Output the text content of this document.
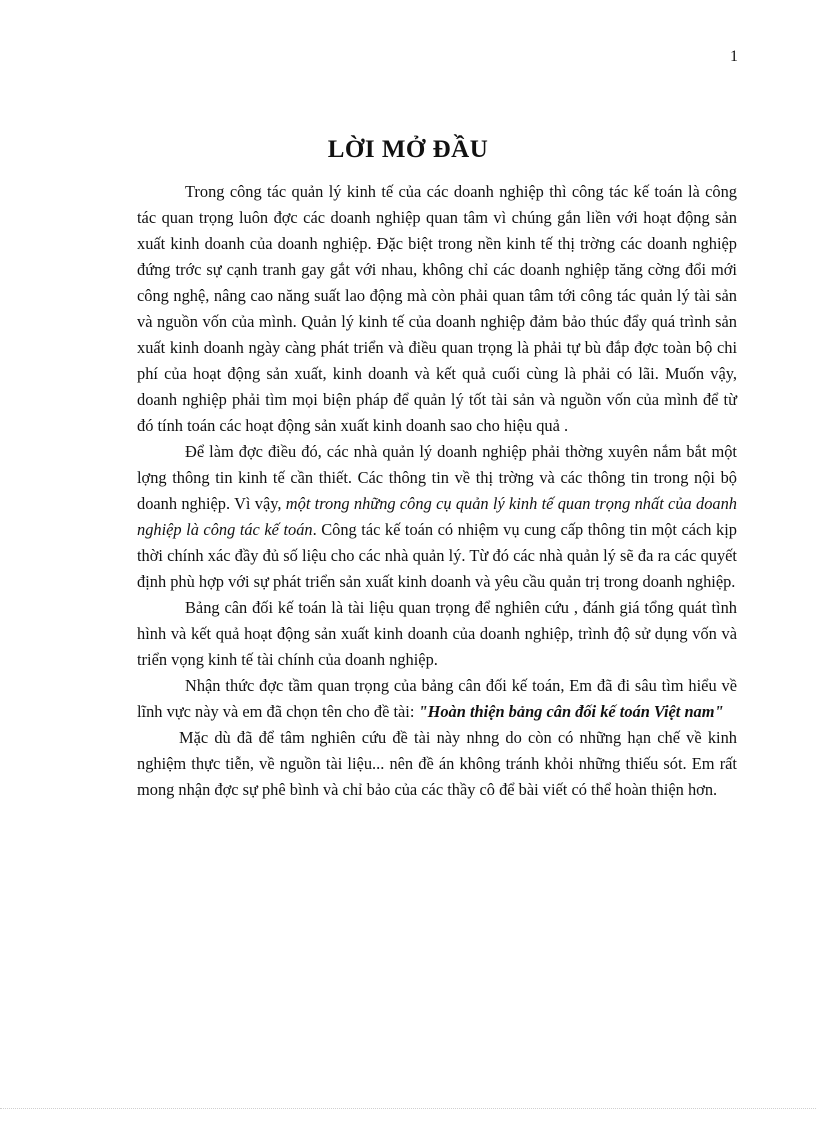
1
LỜI MỞ ĐẦU

Trong công tác quản lý kinh tế của các doanh nghiệp thì công tác kế toán là công tác quan trọng luôn đợc các doanh nghiệp quan tâm vì chúng gắn liền với hoạt động sản xuất kinh doanh của doanh nghiệp. Đặc biệt trong nền kinh tế thị trờng các doanh nghiệp đứng trớc sự cạnh tranh gay gắt với nhau, không chỉ các doanh nghiệp tăng cờng đổi mới công nghệ, nâng cao năng suất lao động mà còn phải quan tâm tới công tác quản lý tài sản và nguồn vốn của mình. Quản lý kinh tế của doanh nghiệp đảm bảo thúc đẩy quá trình sản xuất kinh doanh ngày càng phát triển và điều quan trọng là phải tự bù đắp đợc toàn bộ chi phí của hoạt động sản xuất, kinh doanh và kết quả cuối cùng là phải có lãi. Muốn vậy, doanh nghiệp phải tìm mọi biện pháp để quản lý tốt tài sản và nguồn vốn của mình để từ đó tính toán các hoạt động sản xuất kinh doanh sao cho hiệu quả .

Để làm đợc điều đó, các nhà quản lý doanh nghiệp phải thờng xuyên nắm bắt một lợng thông tin kinh tế cần thiết. Các thông tin về thị trờng và các thông tin trong nội bộ doanh nghiệp. Vì vậy, một trong những công cụ quản lý kinh tế quan trọng nhất của doanh nghiệp là công tác kế toán. Công tác kế toán có nhiệm vụ cung cấp thông tin một cách kịp thời chính xác đầy đủ số liệu cho các nhà quản lý. Từ đó các nhà quản lý sẽ đa ra các quyết định phù hợp với sự phát triển sản xuất kinh doanh và yêu cầu quản trị trong doanh nghiệp.

Bảng cân đối kế toán là tài liệu quan trọng để nghiên cứu , đánh giá tổng quát tình hình và kết quả hoạt động sản xuất kinh doanh của doanh nghiệp, trình độ sử dụng vốn và triển vọng kinh tế tài chính của doanh nghiệp.

Nhận thức đợc tầm quan trọng của bảng cân đối kế toán, Em đã đi sâu tìm hiểu về lĩnh vực này và em đã chọn tên cho đề tài: "Hoàn thiện bảng cân đối kế toán Việt nam"

Mặc dù đã để tâm nghiên cứu đề tài này nhng do còn có những hạn chế về kinh nghiệm thực tiễn, về nguồn tài liệu... nên đề án không tránh khỏi những thiếu sót. Em rất mong nhận đợc sự phê bình và chỉ bảo của các thầy cô để bài viết có thể hoàn thiện hơn.
